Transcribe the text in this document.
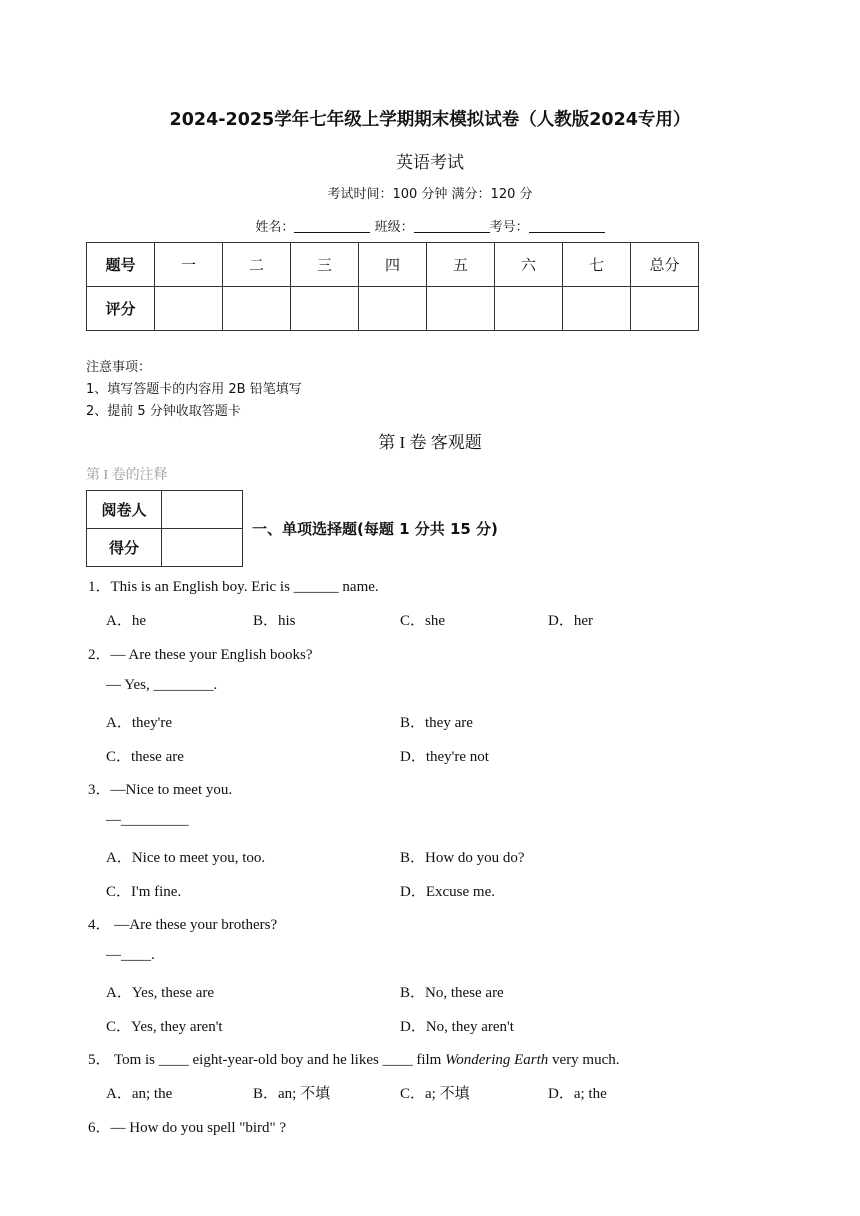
2024-2025学年七年级上学期期末模拟试卷（人教版2024专用）
英语考试
考试时间：100 分钟 满分：120 分
姓名：	班级：	考号：
题号	一	二	三	四	五	六	七	总分
评分								
注意事项：
1、填写答题卡的内容用 2B 铅笔填写
2、提前 5 分钟收取答题卡
第 I 卷 客观题
第 I 卷的注释
阅卷人	
得分	
一、单项选择题(每题 1 分共 15 分)
1．This is an English boy. Eric is ______ name.
A．he	B．his	C．she	D．her
2．— Are these your English books?
— Yes, ________.
A．they're	B．they are
C．these are	D．they're not
3．—Nice to meet you.
—_________
A．Nice to meet you, too.	B．How do you do?
C．I'm fine.	D．Excuse me.
4． —Are these your brothers?
—____.
A．Yes, these are	B．No, these are
C．Yes, they aren't	D．No, they aren't
5． Tom is ____ eight-year-old boy and he likes ____ film Wondering Earth very much.
A．an; the	B．an; 不填	C．a; 不填	D．a; the
6．— How do you spell "bird" ?
